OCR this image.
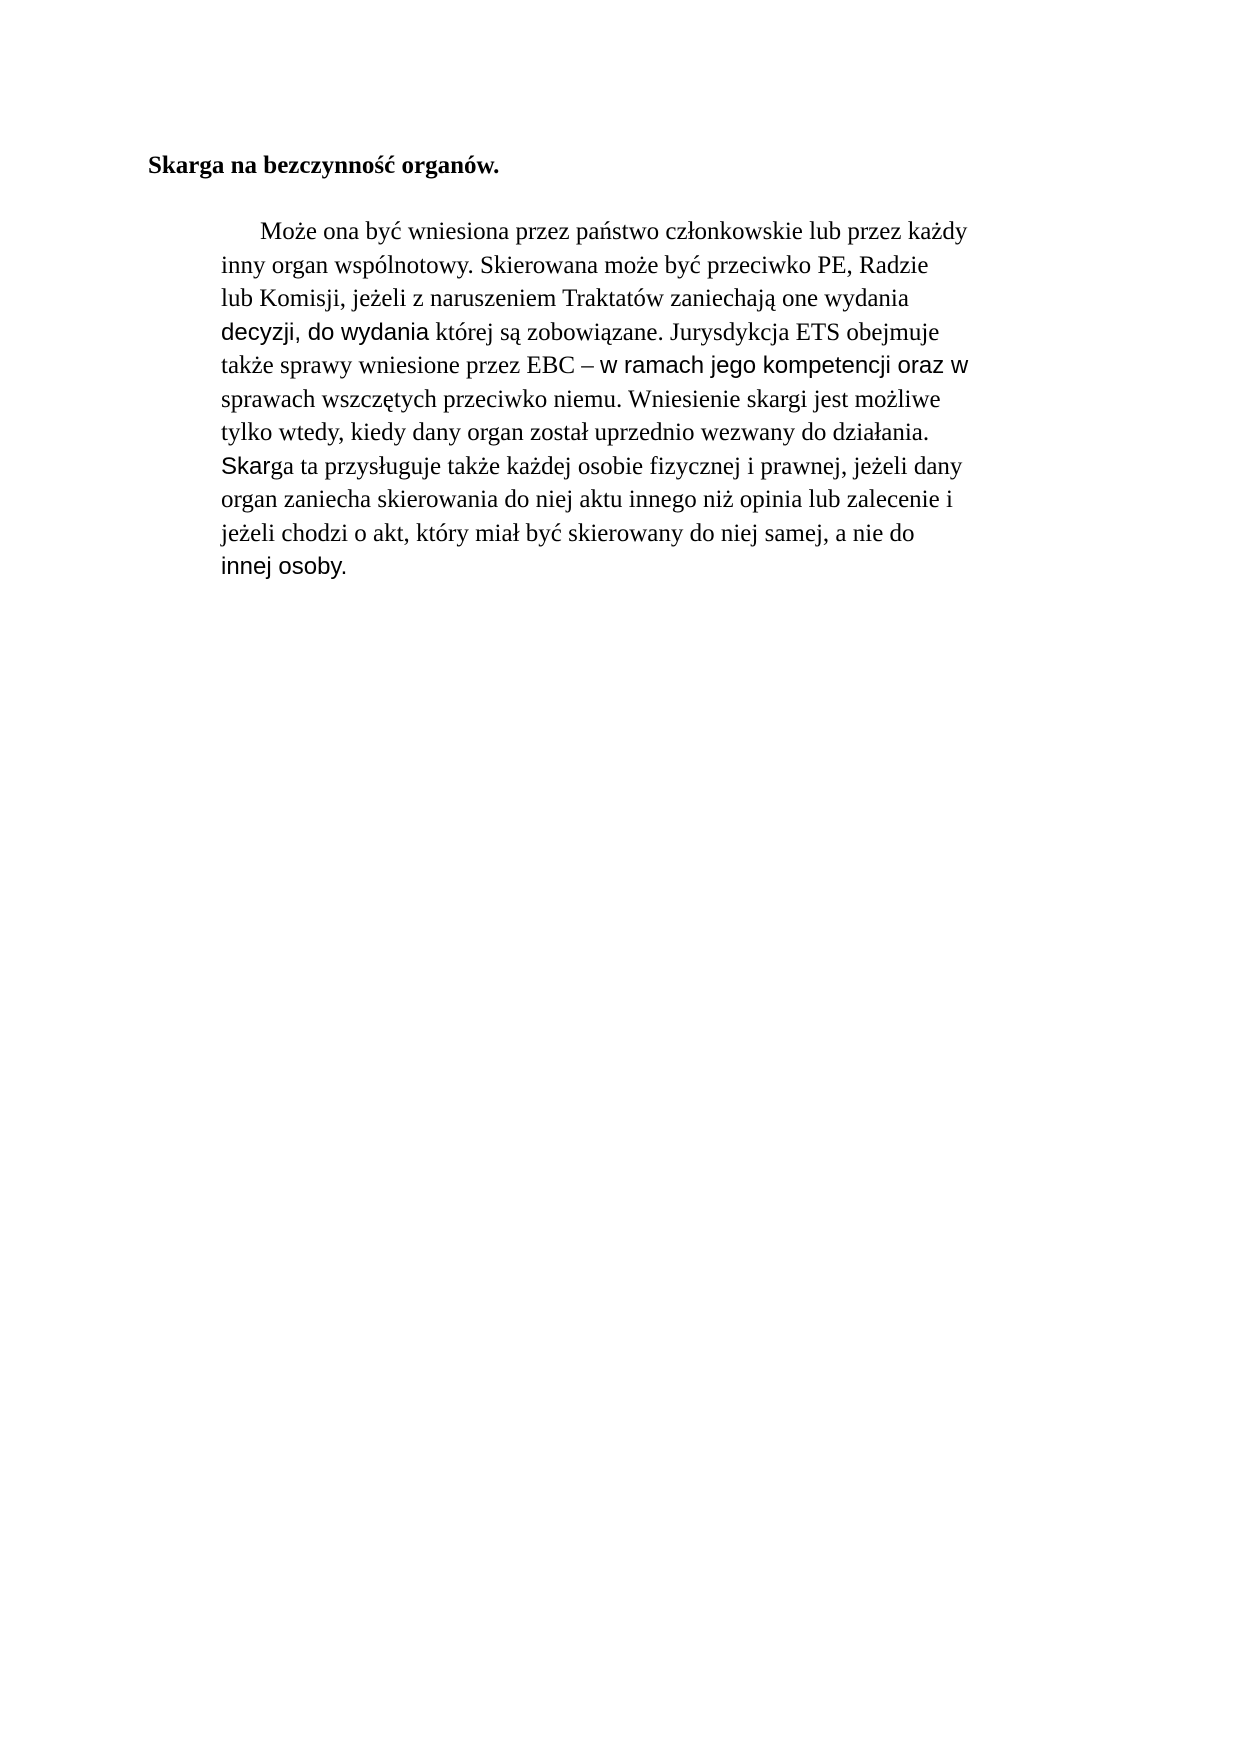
Skarga na bezczynność organów.
Może ona być wniesiona przez państwo członkowskie lub przez każdy
inny organ wspólnotowy. Skierowana może być przeciwko PE, Radzie
lub Komisji, jeżeli z naruszeniem Traktatów zaniechają one wydania
decyzji, do wydania której są zobowiązane. Jurysdykcja ETS obejmuje
także sprawy wniesione przez EBC – w ramach jego kompetencji oraz w
sprawach wszczętych przeciwko niemu. Wniesienie skargi jest możliwe
tylko wtedy, kiedy dany organ został uprzednio wezwany do działania.
Skarga ta przysługuje także każdej osobie fizycznej i prawnej, jeżeli dany
organ zaniecha skierowania do niej aktu innego niż opinia lub zalecenie i
jeżeli chodzi o akt, który miał być skierowany do niej samej, a nie do
innej osoby.
